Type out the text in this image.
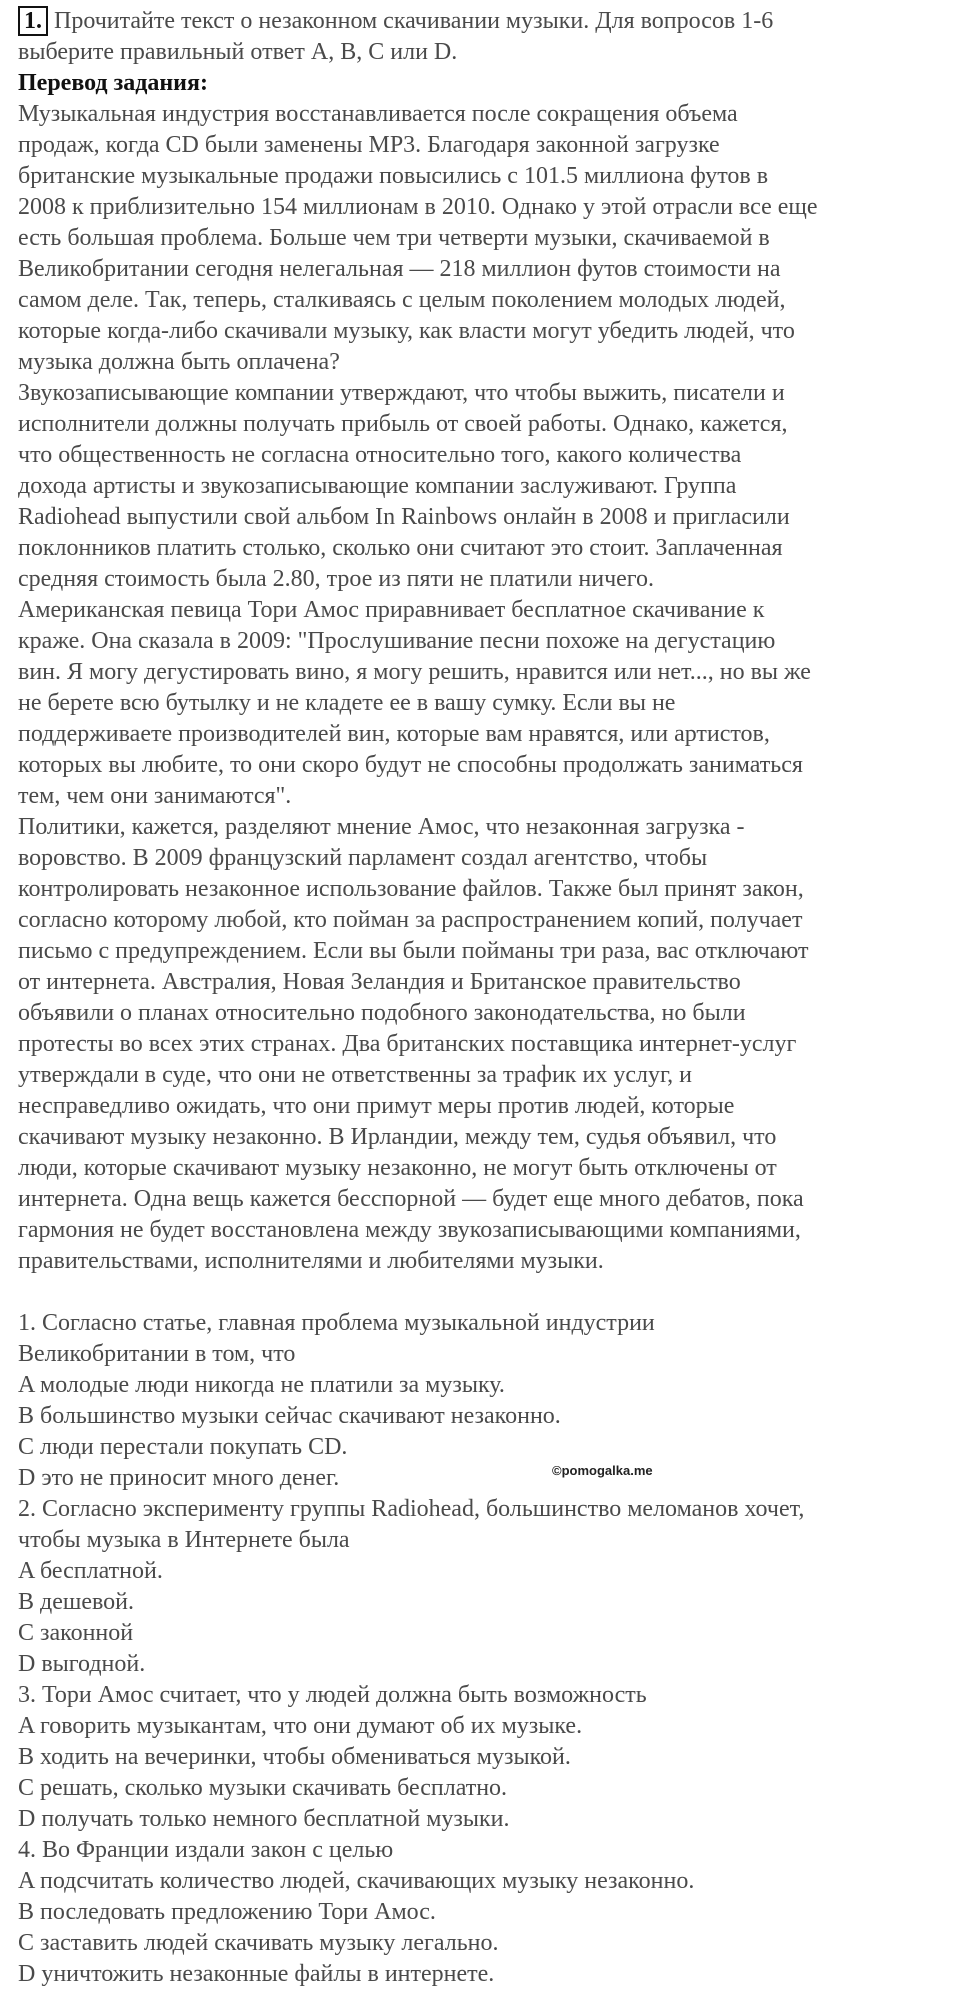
1. Прочитайте текст о незаконном скачивании музыки. Для вопросов 1-6
выберите правильный ответ A, B, C или D.
Перевод задания:
Музыкальная индустрия восстанавливается после сокращения объема
продаж, когда CD были заменены MP3. Благодаря законной загрузке
британские музыкальные продажи повысились с 101.5 миллиона футов в
2008 к приблизительно 154 миллионам в 2010. Однако у этой отрасли все еще
есть большая проблема. Больше чем три четверти музыки, скачиваемой в
Великобритании сегодня нелегальная — 218 миллион футов стоимости на
самом деле. Так, теперь, сталкиваясь с целым поколением молодых людей,
которые когда-либо скачивали музыку, как власти могут убедить людей, что
музыка должна быть оплачена?
Звукозаписывающие компании утверждают, что чтобы выжить, писатели и
исполнители должны получать прибыль от своей работы. Однако, кажется,
что общественность не согласна относительно того, какого количества
дохода артисты и звукозаписывающие компании заслуживают. Группа
Radiohead выпустили свой альбом In Rainbows онлайн в 2008 и пригласили
поклонников платить столько, сколько они считают это стоит. Заплаченная
средняя стоимость была 2.80, трое из пяти не платили ничего.
Американская певица Тори Амос приравнивает бесплатное скачивание к
краже. Она сказала в 2009: "Прослушивание песни похоже на дегустацию
вин. Я могу дегустировать вино, я могу решить, нравится или нет..., но вы же
не берете всю бутылку и не кладете ее в вашу сумку. Если вы не
поддерживаете производителей вин, которые вам нравятся, или артистов,
которых вы любите, то они скоро будут не способны продолжать заниматься
тем, чем они занимаются".
Политики, кажется, разделяют мнение Амос, что незаконная загрузка -
воровство. В 2009 французский парламент создал агентство, чтобы
контролировать незаконное использование файлов. Также был принят закон,
согласно которому любой, кто пойман за распространением копий, получает
письмо с предупреждением. Если вы были пойманы три раза, вас отключают
от интернета. Австралия, Новая Зеландия и Британское правительство
объявили о планах относительно подобного законодательства, но были
протесты во всех этих странах. Два британских поставщика интернет-услуг
утверждали в суде, что они не ответственны за трафик их услуг, и
несправедливо ожидать, что они примут меры против людей, которые
скачивают музыку незаконно. В Ирландии, между тем, судья объявил, что
люди, которые скачивают музыку незаконно, не могут быть отключены от
интернета. Одна вещь кажется бесспорной — будет еще много дебатов, пока
гармония не будет восстановлена между звукозаписывающими компаниями,
правительствами, исполнителями и любителями музыки.
1. Согласно статье, главная проблема музыкальной индустрии
Великобритании в том, что
A молодые люди никогда не платили за музыку.
B большинство музыки сейчас скачивают незаконно.
C люди перестали покупать CD.
D это не приносит много денег.
2. Согласно эксперименту группы Radiohead, большинство меломанов хочет,
чтобы музыка в Интернете была
A бесплатной.
B дешевой.
C законной
D выгодной.
3. Тори Амос считает, что у людей должна быть возможность
A говорить музыкантам, что они думают об их музыке.
B ходить на вечеринки, чтобы обмениваться музыкой.
C решать, сколько музыки скачивать бесплатно.
D получать только немного бесплатной музыки.
4. Во Франции издали закон с целью
A подсчитать количество людей, скачивающих музыку незаконно.
B последовать предложению Тори Амос.
C заставить людей скачивать музыку легально.
D уничтожить незаконные файлы в интернете.
©pomogalka.me
